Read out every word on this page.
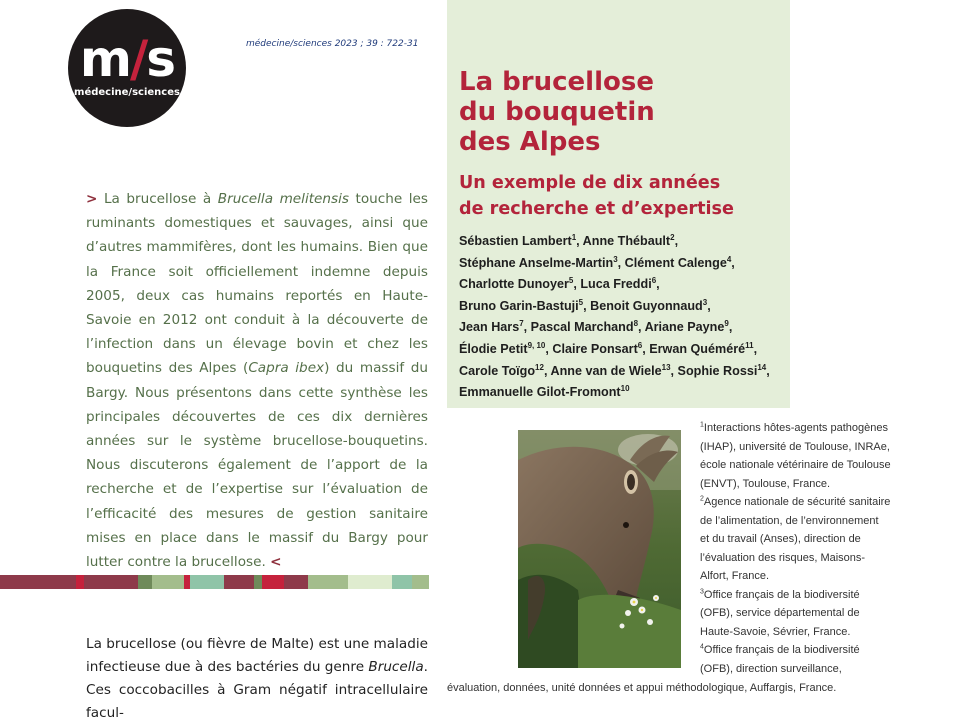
m/s
médecine/sciences
médecine/sciences 2023 ; 39 : 722-31
> La brucellose à Brucella melitensis touche les ruminants domestiques et sauvages, ainsi que d’autres mammifères, dont les humains. Bien que la France soit officiellement indemne depuis 2005, deux cas humains reportés en Haute-Savoie en 2012 ont conduit à la découverte de l’infection dans un élevage bovin et chez les bouquetins des Alpes (Capra ibex) du massif du Bargy. Nous présentons dans cette synthèse les principales découvertes de ces dix dernières années sur le système brucellose-bouquetins. Nous discuterons également de l’apport de la recherche et de l’expertise sur l’évaluation de l’efficacité des mesures de gestion sanitaire mises en place dans le massif du Bargy pour lutter contre la brucellose. <
La brucellose (ou fièvre de Malte) est une maladie infectieuse due à des bactéries du genre Brucella. Ces coccobacilles à Gram négatif intracellulaire facul-
La brucellose
du bouquetin
des Alpes
Un exemple de dix années
de recherche et d’expertise
Sébastien Lambert$^1$, Anne Thébault$^2$,
Stéphane Anselme-Martin$^3$, Clément Calenge$^4$,
Charlotte Dunoyer$^5$, Luca Freddi$^6$,
Bruno Garin-Bastuji$^5$, Benoit Guyonnaud$^3$,
Jean Hars$^7$, Pascal Marchand$^8$, Ariane Payne$^9$,
Élodie Petit$^{9, 10}$, Claire Ponsart$^6$, Erwan Quéméré$^{11}$,
Carole Toïgo$^{12}$, Anne van de Wiele$^{13}$, Sophie Rossi$^{14}$,
Emmanuelle Gilot-Fromont$^{10}$
$^1$Interactions hôtes-agents pathogènes
(IHAP), université de Toulouse, INRAe,
école nationale vétérinaire de Toulouse
(ENVT), Toulouse, France.
$^2$Agence nationale de sécurité sanitaire
de l’alimentation, de l’environnement
et du travail (Anses), direction de
l’évaluation des risques, Maisons-
Alfort, France.
$^3$Office français de la biodiversité
(OFB), service départemental de
Haute-Savoie, Sévrier, France.
$^4$Office français de la biodiversité
(OFB), direction surveillance,
évaluation, données, unité données et appui méthodologique, Auffargis, France.
